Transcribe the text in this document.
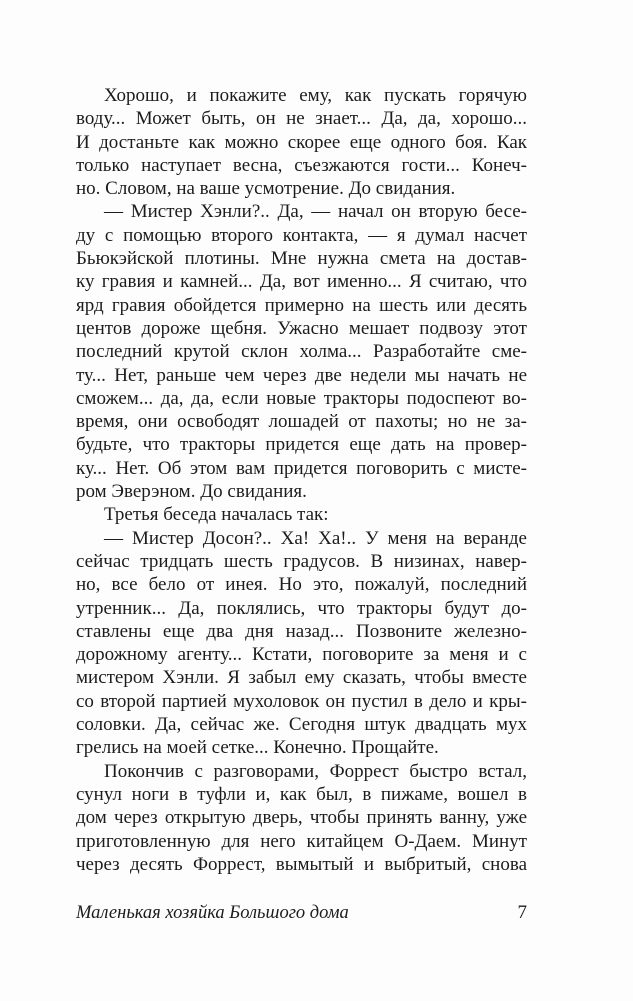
Хорошо, и покажите ему, как пускать горячую
воду... Может быть, он не знает... Да, да, хорошо...
И достаньте как можно скорее еще одного боя. Как
только наступает весна, съезжаются гости... Конеч-
но. Словом, на ваше усмотрение. До свидания.
— Мистер Хэнли?.. Да, — начал он вторую бесе-
ду с помощью второго контакта, — я думал насчет
Бьюкэйской плотины. Мне нужна смета на достав-
ку гравия и камней... Да, вот именно... Я считаю, что
ярд гравия обойдется примерно на шесть или десять
центов дороже щебня. Ужасно мешает подвозу этот
последний крутой склон холма... Разработайте сме-
ту... Нет, раньше чем через две недели мы начать не
сможем... да, да, если новые тракторы подоспеют во-
время, они освободят лошадей от пахоты; но не за-
будьте, что тракторы придется еще дать на провер-
ку... Нет. Об этом вам придется поговорить с мисте-
ром Эверэном. До свидания.
Третья беседа началась так:
— Мистер Досон?.. Ха! Ха!.. У меня на веранде
сейчас тридцать шесть градусов. В низинах, навер-
но, все бело от инея. Но это, пожалуй, последний
утренник... Да, поклялись, что тракторы будут до-
ставлены еще два дня назад... Позвоните железно-
дорожному агенту... Кстати, поговорите за меня и с
мистером Хэнли. Я забыл ему сказать, чтобы вместе
со второй партией мухоловок он пустил в дело и кры-
соловки. Да, сейчас же. Сегодня штук двадцать мух
грелись на моей сетке... Конечно. Прощайте.
Покончив с разговорами, Форрест быстро встал,
сунул ноги в туфли и, как был, в пижаме, вошел в
дом через открытую дверь, чтобы принять ванну, уже
приготовленную для него китайцем О-Даем. Минут
через десять Форрест, вымытый и выбритый, снова
Маленькая хозяйка Большого дома	7
